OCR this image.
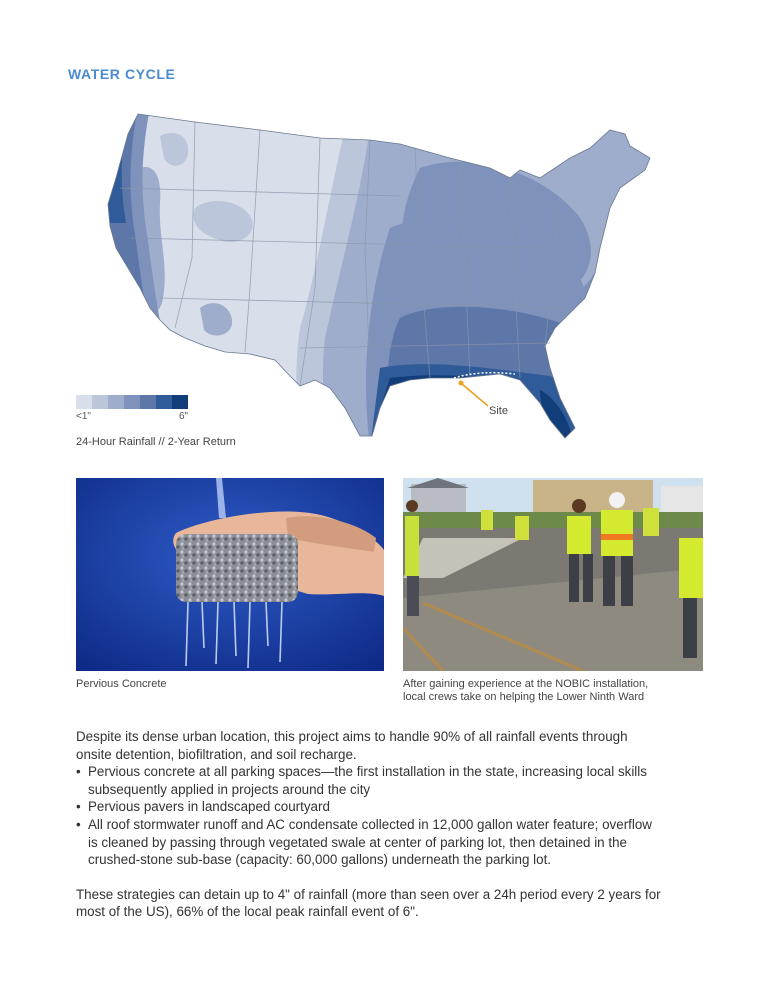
WATER CYCLE
<1"	6"	Site
24-Hour Rainfall // 2-Year Return

Pervious Concrete	After gaining experience at the NOBIC installation,
local crews take on helping the Lower Ninth Ward

Despite its dense urban location, this project aims to handle 90% of all rainfall events through
onsite detention, biofiltration, and soil recharge.

• Pervious concrete at all parking spaces—the first installation in the state, increasing local skills
subsequently applied in projects around the city
• Pervious pavers in landscaped courtyard
• All roof stormwater runoff and AC condensate collected in 12,000 gallon water feature; overflow
is cleaned by passing through vegetated swale at center of parking lot, then detained in the
crushed-stone sub-base (capacity: 60,000 gallons) underneath the parking lot.

These strategies can detain up to 4" of rainfall (more than seen over a 24h period every 2 years for
most of the US), 66% of the local peak rainfall event of 6".
